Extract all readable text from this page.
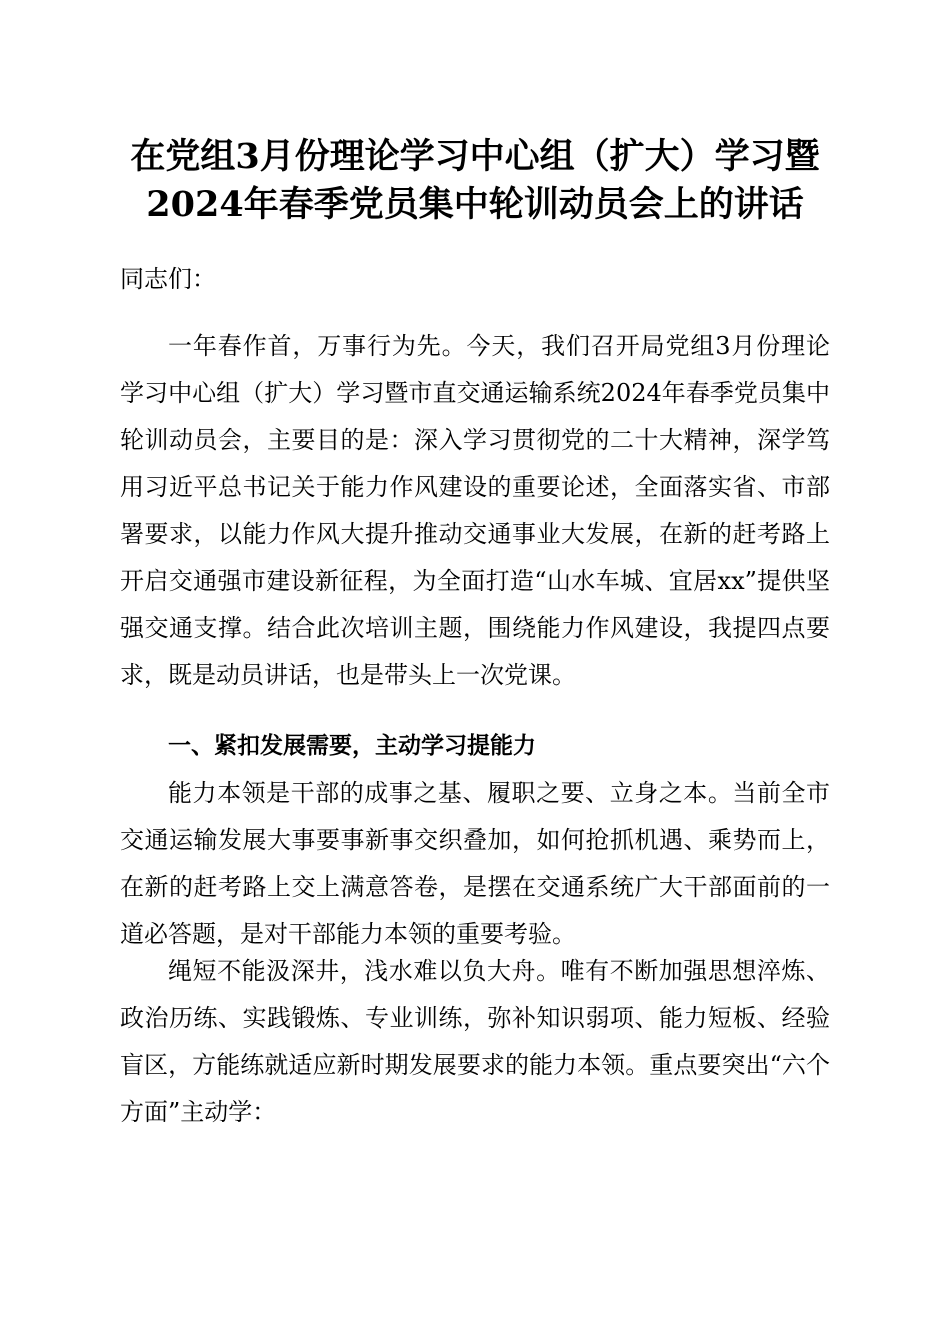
在党组3月份理论学习中心组（扩大）学习暨
2024年春季党员集中轮训动员会上的讲话

同志们：

一年春作首，万事行为先。今天，我们召开局党组3月份理论学习中心组（扩大）学习暨市直交通运输系统2024年春季党员集中轮训动员会，主要目的是：深入学习贯彻党的二十大精神，深学笃用习近平总书记关于能力作风建设的重要论述，全面落实省、市部署要求，以能力作风大提升推动交通事业大发展，在新的赶考路上开启交通强市建设新征程，为全面打造“山水车城、宜居xx”提供坚强交通支撑。结合此次培训主题，围绕能力作风建设，我提四点要求，既是动员讲话，也是带头上一次党课。

一、紧扣发展需要，主动学习提能力

能力本领是干部的成事之基、履职之要、立身之本。当前全市交通运输发展大事要事新事交织叠加，如何抢抓机遇、乘势而上，在新的赶考路上交上满意答卷，是摆在交通系统广大干部面前的一道必答题，是对干部能力本领的重要考验。

绳短不能汲深井，浅水难以负大舟。唯有不断加强思想淬炼、政治历练、实践锻炼、专业训练，弥补知识弱项、能力短板、经验盲区，方能练就适应新时期发展要求的能力本领。重点要突出“六个方面”主动学：
